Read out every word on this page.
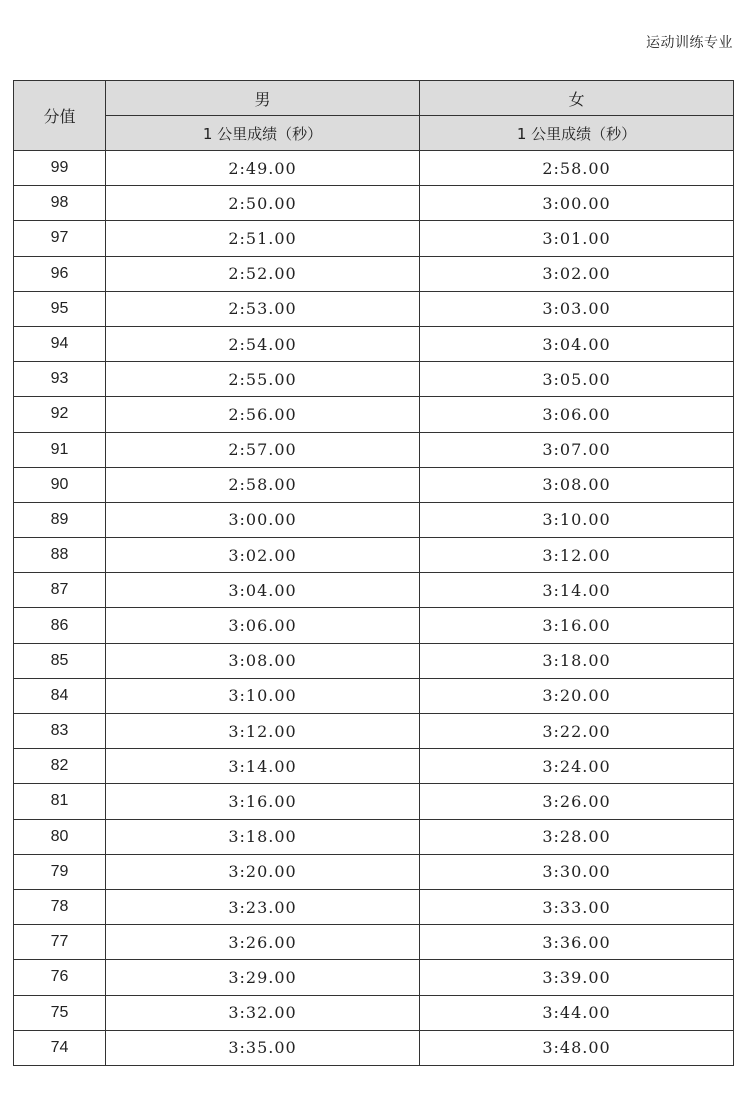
运动训练专业
分值	男	女
	1 公里成绩（秒）	1 公里成绩（秒）
99	2:49.00	2:58.00
98	2:50.00	3:00.00
97	2:51.00	3:01.00
96	2:52.00	3:02.00
95	2:53.00	3:03.00
94	2:54.00	3:04.00
93	2:55.00	3:05.00
92	2:56.00	3:06.00
91	2:57.00	3:07.00
90	2:58.00	3:08.00
89	3:00.00	3:10.00
88	3:02.00	3:12.00
87	3:04.00	3:14.00
86	3:06.00	3:16.00
85	3:08.00	3:18.00
84	3:10.00	3:20.00
83	3:12.00	3:22.00
82	3:14.00	3:24.00
81	3:16.00	3:26.00
80	3:18.00	3:28.00
79	3:20.00	3:30.00
78	3:23.00	3:33.00
77	3:26.00	3:36.00
76	3:29.00	3:39.00
75	3:32.00	3:44.00
74	3:35.00	3:48.00
